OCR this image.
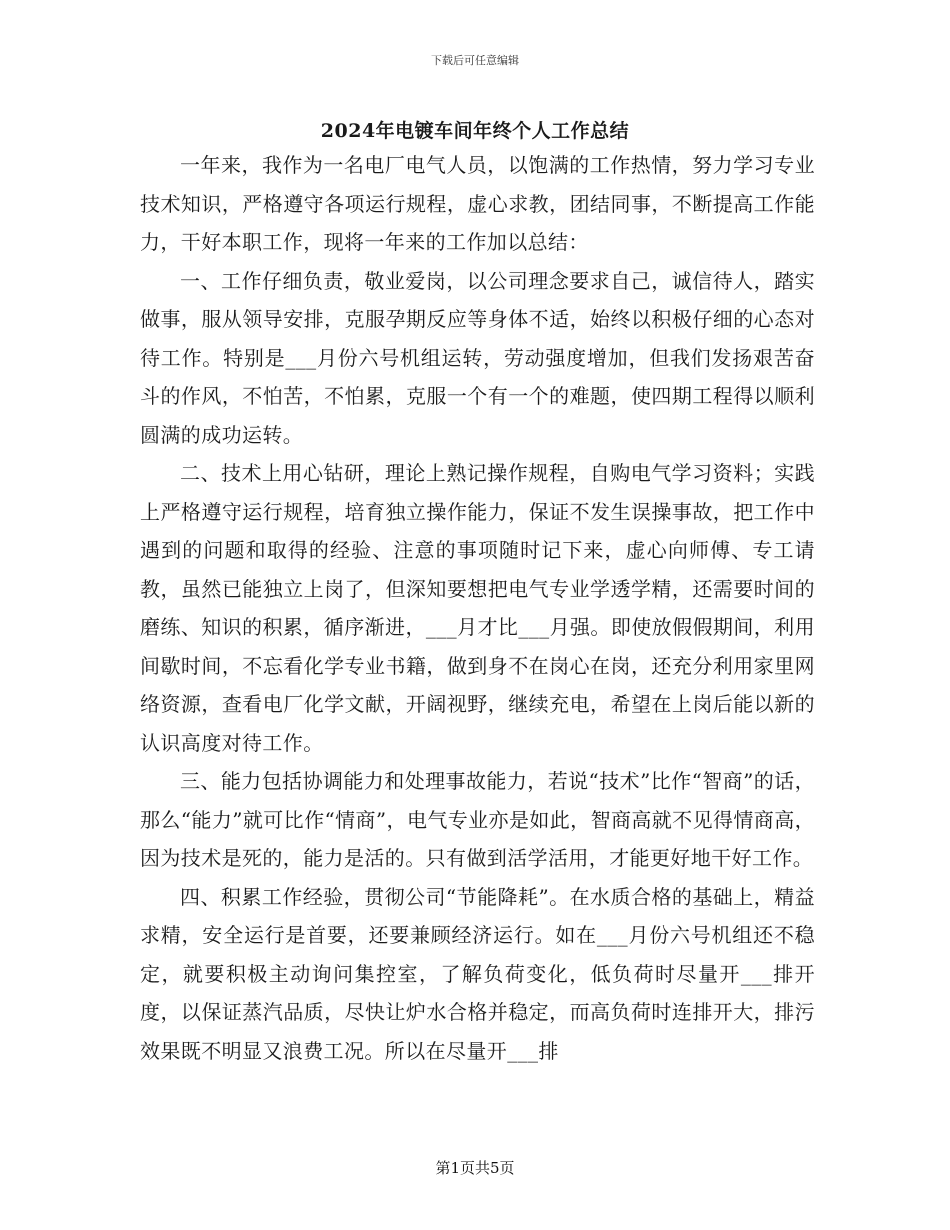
下载后可任意编辑
2024年电镀车间年终个人工作总结

一年来，我作为一名电厂电气人员，以饱满的工作热情，努力学习专业技术知识，严格遵守各项运行规程，虚心求教，团结同事，不断提高工作能力，干好本职工作，现将一年来的工作加以总结：

一、工作仔细负责，敬业爱岗，以公司理念要求自己，诚信待人，踏实做事，服从领导安排，克服孕期反应等身体不适，始终以积极仔细的心态对待工作。特别是___月份六号机组运转，劳动强度增加，但我们发扬艰苦奋斗的作风，不怕苦，不怕累，克服一个有一个的难题，使四期工程得以顺利圆满的成功运转。

二、技术上用心钻研，理论上熟记操作规程，自购电气学习资料；实践上严格遵守运行规程，培育独立操作能力，保证不发生误操事故，把工作中遇到的问题和取得的经验、注意的事项随时记下来，虚心向师傅、专工请教，虽然已能独立上岗了，但深知要想把电气专业学透学精，还需要时间的磨练、知识的积累，循序渐进，___月才比___月强。即使放假假期间，利用间歇时间，不忘看化学专业书籍，做到身不在岗心在岗，还充分利用家里网络资源，查看电厂化学文献，开阔视野，继续充电，希望在上岗后能以新的认识高度对待工作。

三、能力包括协调能力和处理事故能力，若说“技术”比作“智商”的话，那么“能力”就可比作“情商”，电气专业亦是如此，智商高就不见得情商高，因为技术是死的，能力是活的。只有做到活学活用，才能更好地干好工作。

四、积累工作经验，贯彻公司“节能降耗”。在水质合格的基础上，精益求精，安全运行是首要，还要兼顾经济运行。如在___月份六号机组还不稳定，就要积极主动询问集控室，了解负荷变化，低负荷时尽量开___排开度，以保证蒸汽品质，尽快让炉水合格并稳定，而高负荷时连排开大，排污效果既不明显又浪费工况。所以在尽量开___排

第1页共5页
